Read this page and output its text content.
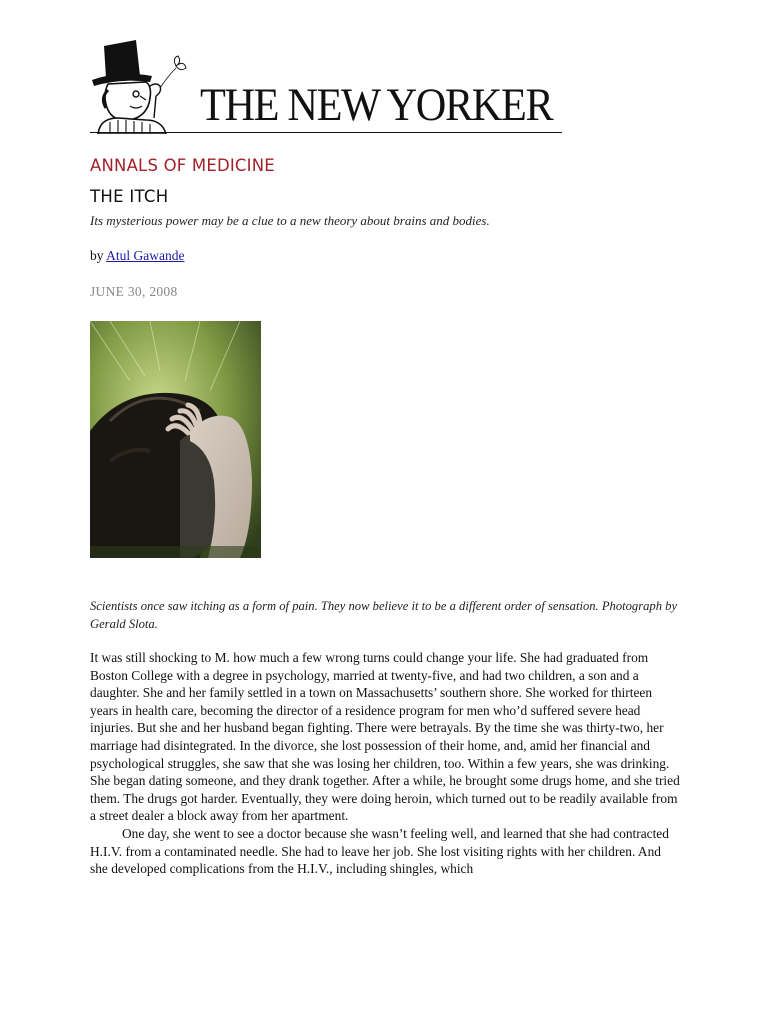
THE NEW YORKER
ANNALS OF MEDICINE
THE ITCH
Its mysterious power may be a clue to a new theory about brains and bodies.
by Atul Gawande
JUNE 30, 2008

Scientists once saw itching as a form of pain. They now believe it to be a different order of sensation. Photograph by Gerald Slota.

It was still shocking to M. how much a few wrong turns could change your life. She had graduated from Boston College with a degree in psychology, married at twenty-five, and had two children, a son and a daughter. She and her family settled in a town on Massachusetts’ southern shore. She worked for thirteen years in health care, becoming the director of a residence program for men who’d suffered severe head injuries. But she and her husband began fighting. There were betrayals. By the time she was thirty-two, her marriage had disintegrated. In the divorce, she lost possession of their home, and, amid her financial and psychological struggles, she saw that she was losing her children, too. Within a few years, she was drinking. She began dating someone, and they drank together. After a while, he brought some drugs home, and she tried them. The drugs got harder. Eventually, they were doing heroin, which turned out to be readily available from a street dealer a block away from her apartment.

One day, she went to see a doctor because she wasn’t feeling well, and learned that she had contracted H.I.V. from a contaminated needle. She had to leave her job. She lost visiting rights with her children. And she developed complications from the H.I.V., including shingles, which
